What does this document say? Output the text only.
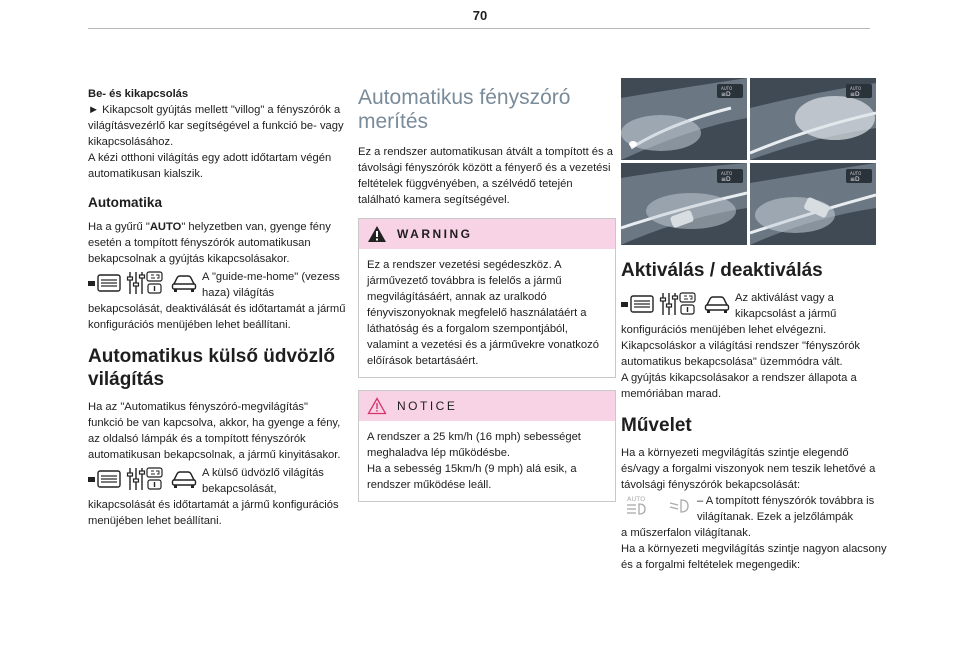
70
Be- és kikapcsolás

► Kikapcsolt gyújtás mellett "villog" a fényszórók a világításvezérlő kar segítségével a funkció be- vagy kikapcsolásához.

A kézi otthoni világítás egy adott időtartam végén automatikusan kialszik.

Automatika

Ha a gyűrű "AUTO" helyzetben van, gyenge fény esetén a tompított fényszórók automatikusan bekapcsolnak a gyújtás kikapcsolásakor.

A "guide-me-home" (vezess haza) világítás

bekapcsolását, deaktiválását és időtartamát a jármű konfigurációs menüjében lehet beállítani.

Automatikus külső üdvözlő világítás

Ha az "Automatikus fényszóró-megvilágítás" funkció be van kapcsolva, akkor, ha gyenge a fény, az oldalsó lámpák és a tompított fényszórók automatikusan bekapcsolnak, a jármű kinyitásakor.

A külső üdvözlő világítás bekapcsolását,

kikapcsolását és időtartamát a jármű konfigurációs menüjében lehet beállítani.

Automatikus fényszóró merítés

Ez a rendszer automatikusan átvált a tompított és a távolsági fényszórók között a fényerő és a vezetési feltételek függvényében, a szélvédő tetején található kamera segítségével.

WARNING
Ez a rendszer vezetési segédeszköz. A járművezető továbbra is felelős a jármű megvilágításáért, annak az uralkodó fényviszonyoknak megfelelő használatáért a láthatóság és a forgalom szempontjából, valamint a vezetési és a járművekre vonatkozó előírások betartásáért.
NOTICE
A rendszer a 25 km/h (16 mph) sebességet meghaladva lép működésbe.
Ha a sebesség 15km/h (9 mph) alá esik, a rendszer működése leáll.
AUTO
≡D
AUTO
≡D
AUTO
≡D
AUTO
≡D
Aktiválás / deaktiválás
Az aktiválást vagy a kikapcsolást a jármű

konfigurációs menüjében lehet elvégezni.

Kikapcsoláskor a világítási rendszer "fényszórók automatikus bekapcsolása" üzemmódra vált.

A gyújtás kikapcsolásakor a rendszer állapota a memóriában marad.

Művelet

Ha a környezeti megvilágítás szintje elegendő és/vagy a forgalmi viszonyok nem teszik lehetővé a távolsági fényszórók bekapcsolását:

AUTO	– A tompított fényszórók továbbra is világítanak. Ezek a jelzőlámpák

a műszerfalon világítanak.

Ha a környezeti megvilágítás szintje nagyon alacsony és a forgalmi feltételek megengedik:
